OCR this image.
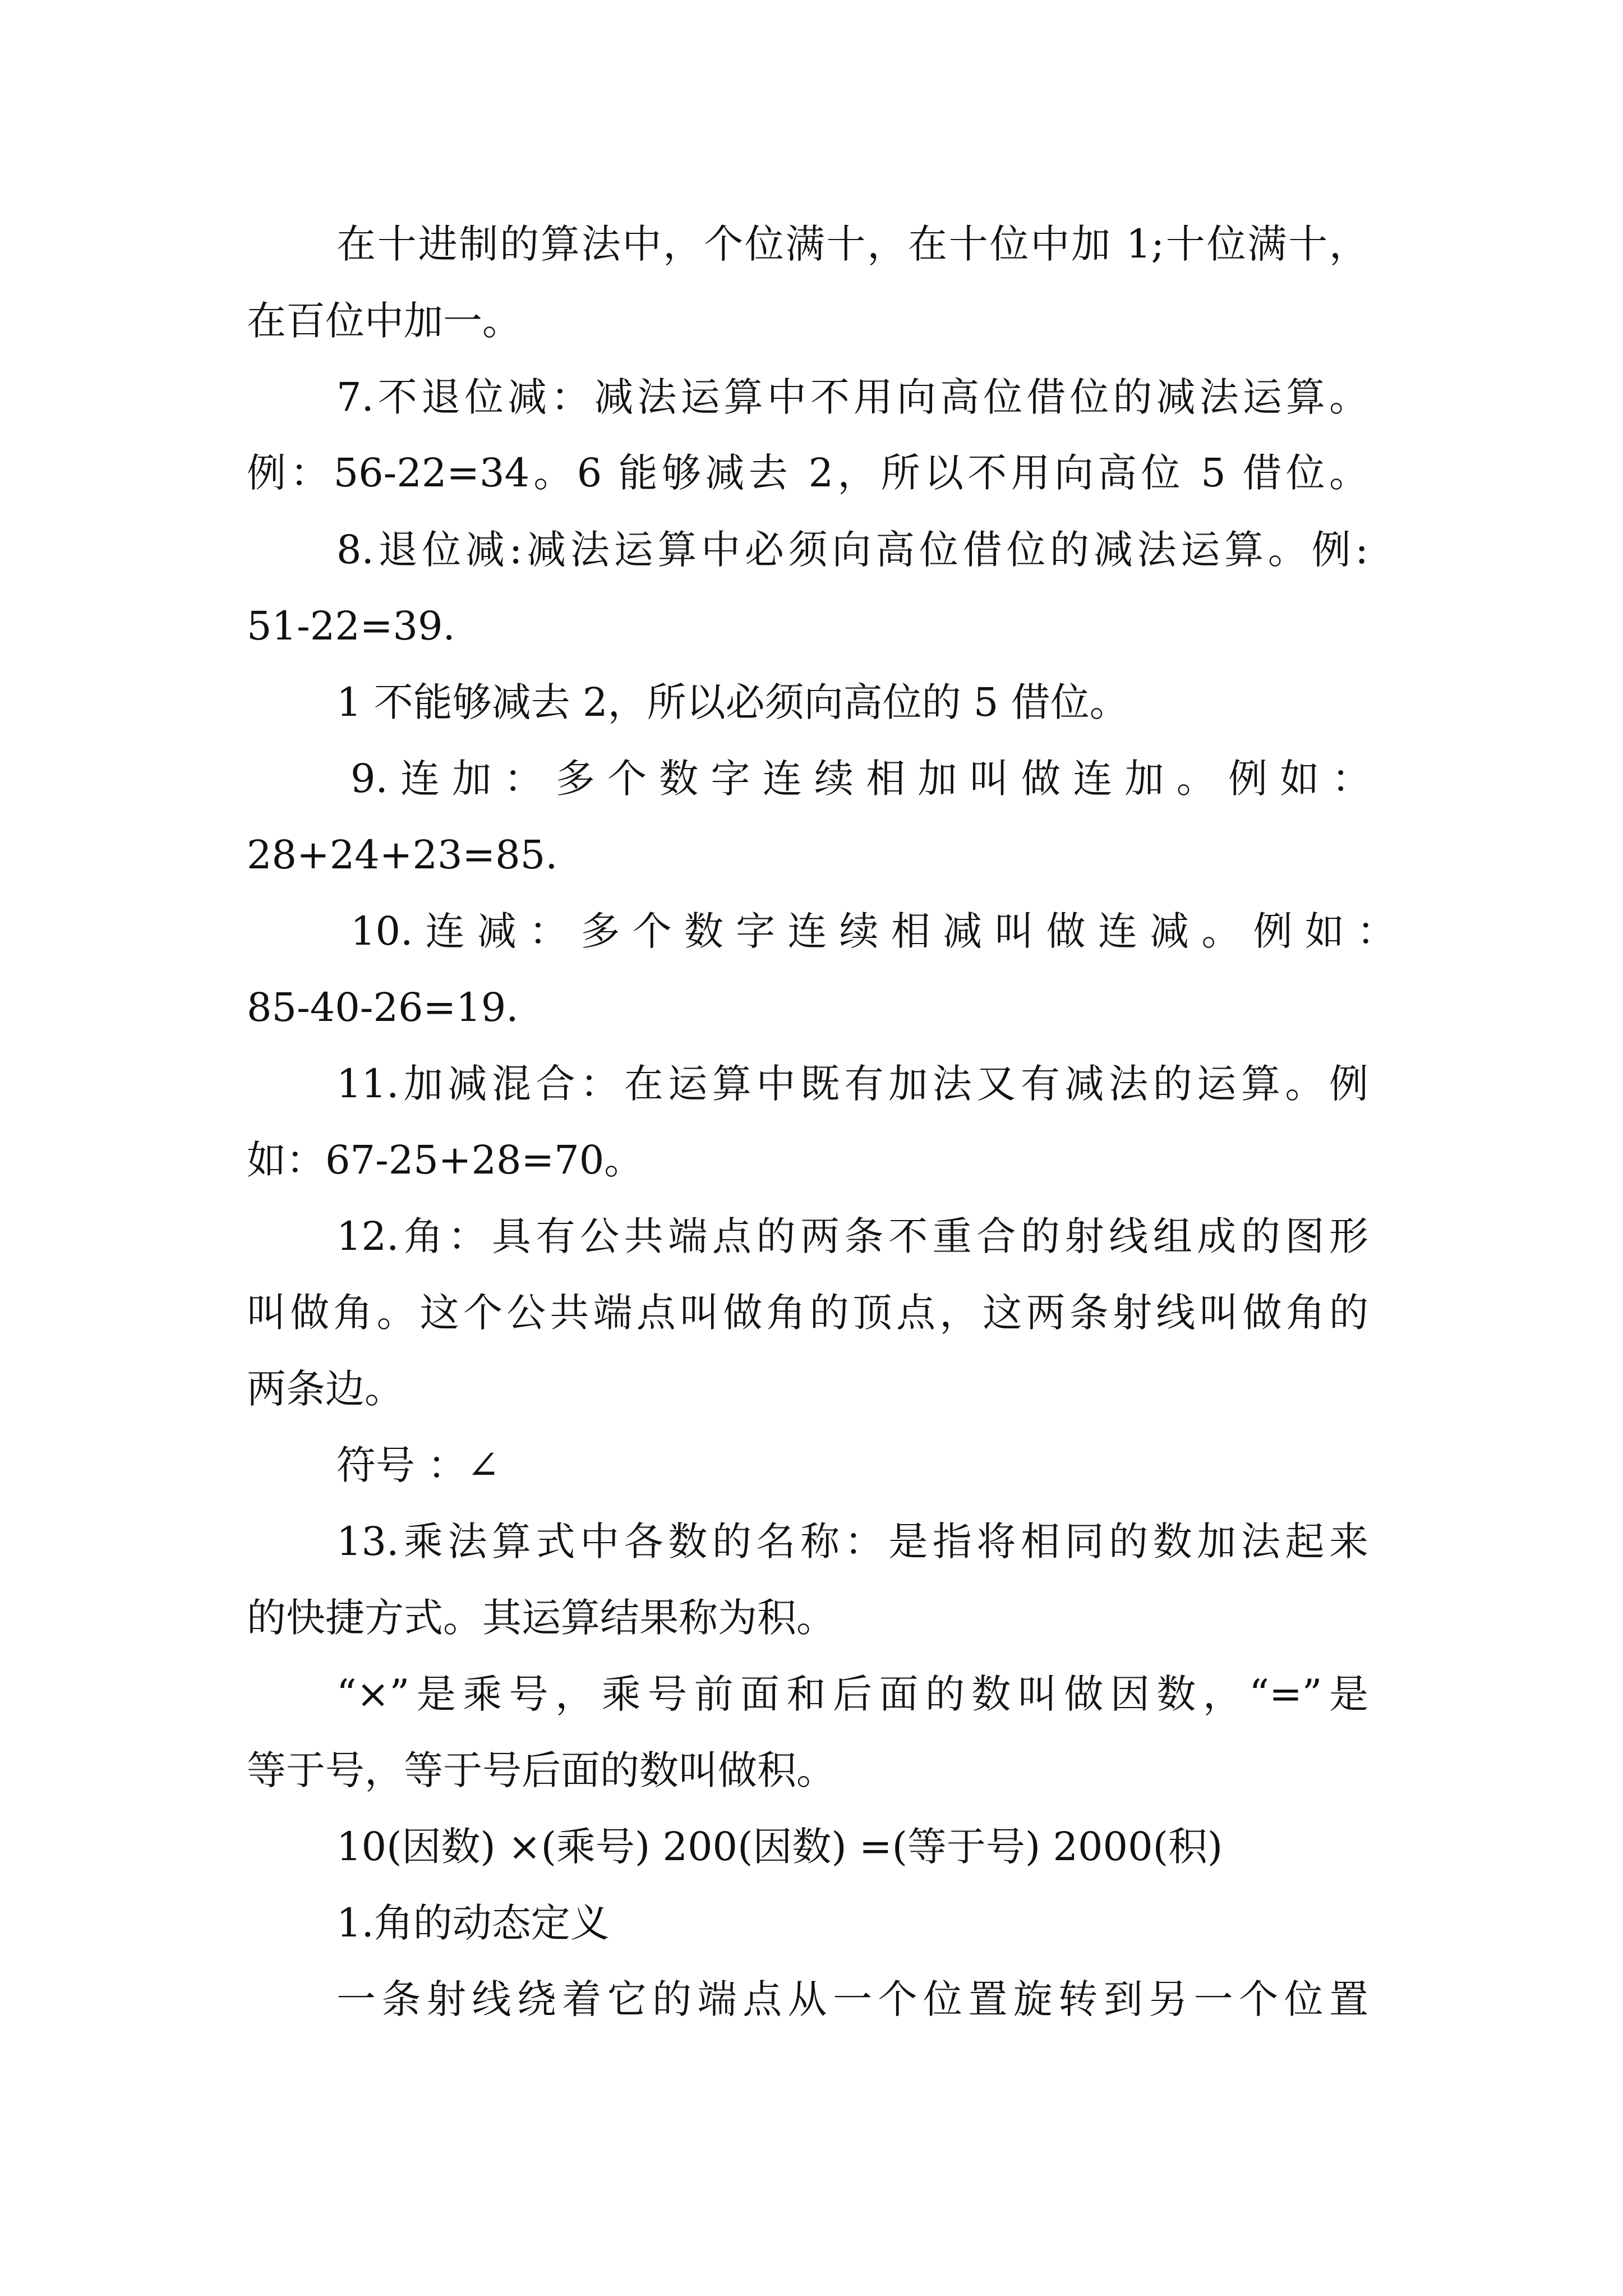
在十进制的算法中，个位满十，在十位中加 1;十位满十，
在百位中加一。
7.不退位减：减法运算中不用向高位借位的减法运算。
例：56-22=34。6 能够减去 2，所以不用向高位 5 借位。
8.退位减:减法运算中必须向高位借位的减法运算。例:
51-22=39.
1 不能够减去 2，所以必须向高位的 5 借位。
9. 连 加 ： 多 个 数 字 连 续 相 加 叫 做 连 加 。 例 如 ：
28+24+23=85.
10. 连 减 ： 多 个 数 字 连 续 相 减 叫 做 连 减 。 例 如 ：
85-40-26=19.
11.加减混合：在运算中既有加法又有减法的运算。例
如：67-25+28=70。
12.角：具有公共端点的两条不重合的射线组成的图形
叫做角。这个公共端点叫做角的顶点，这两条射线叫做角的
两条边。
符号 ：∠
13.乘法算式中各数的名称：是指将相同的数加法起来
的快捷方式。其运算结果称为积。
“×”是乘号，乘号前面和后面的数叫做因数，“=”是
等于号，等于号后面的数叫做积。
10(因数) ×(乘号) 200(因数) =(等于号) 2000(积)
1.角的动态定义
一条射线绕着它的端点从一个位置旋转到另一个位置
